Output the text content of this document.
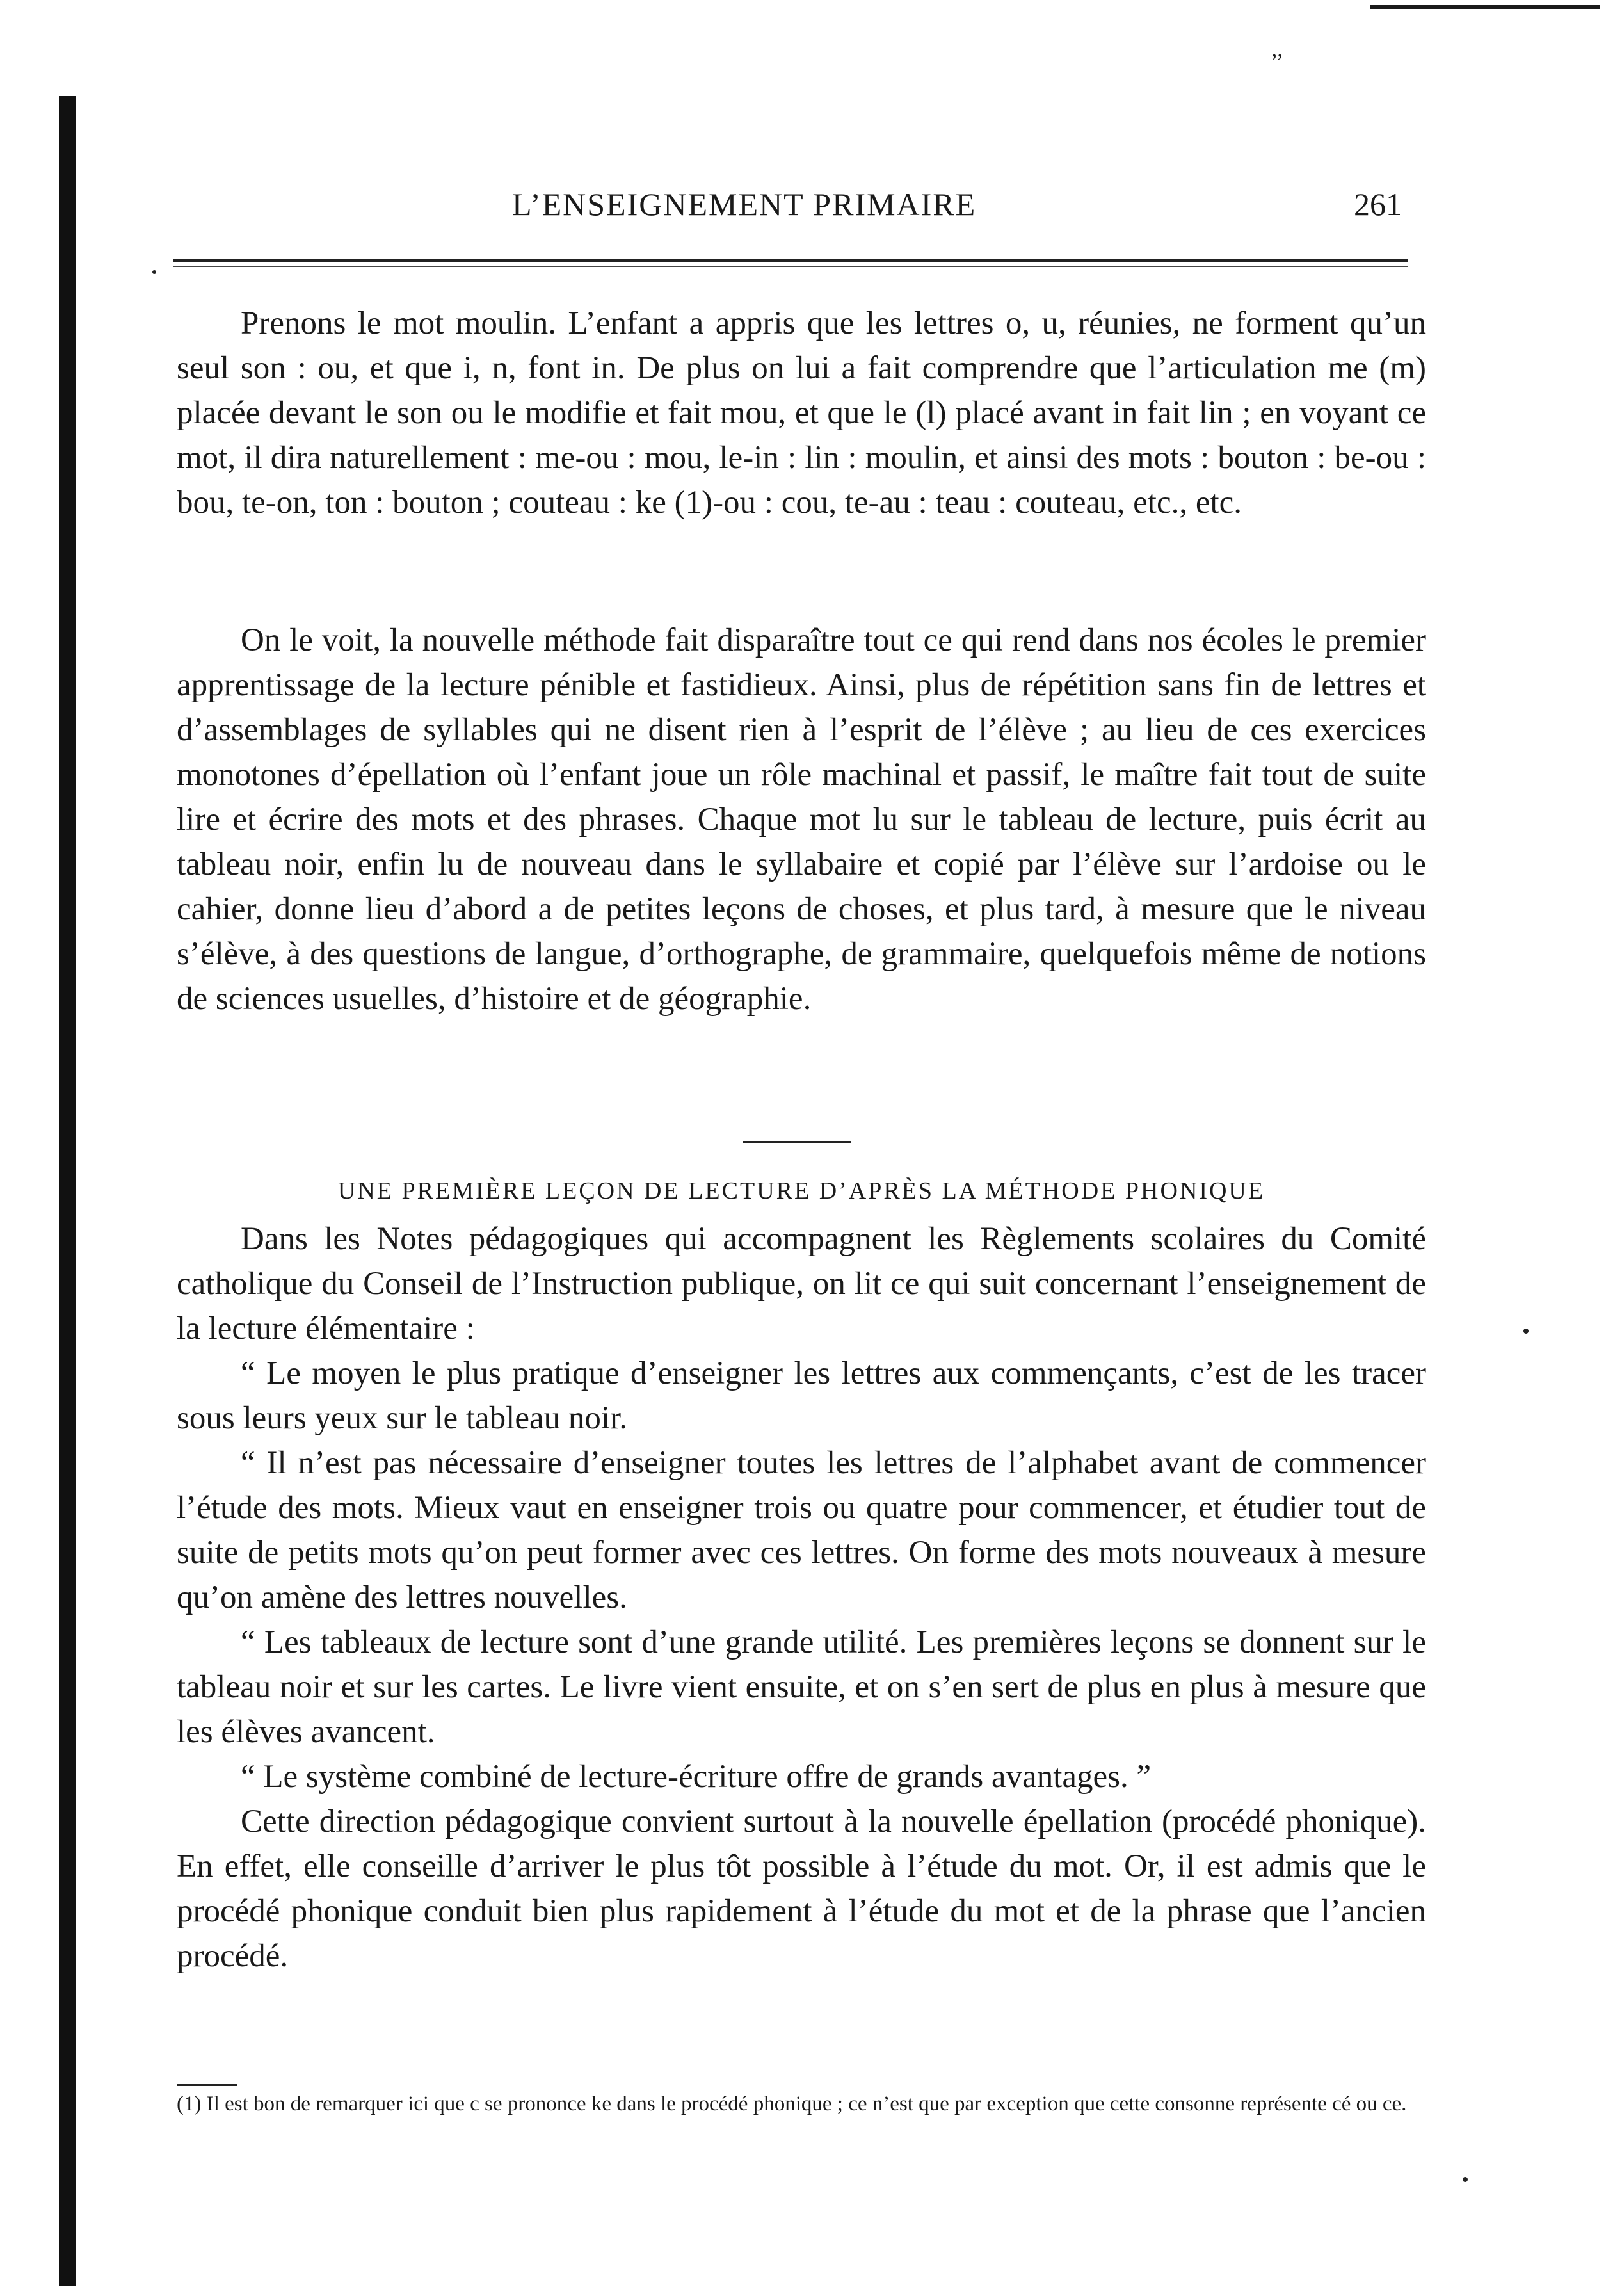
’’
L’ENSEIGNEMENT PRIMAIRE	261

Prenons le mot moulin. L’enfant a appris que les lettres o, u, réunies, ne forment qu’un seul son : ou, et que i, n, font in. De plus on lui a fait comprendre que l’articulation me (m) placée devant le son ou le modifie et fait mou, et que le (l) placé avant in fait lin ; en voyant ce mot, il dira naturellement : me-ou : mou, le-in : lin : moulin, et ainsi des mots : bouton : be-ou : bou, te-on, ton : bouton ; couteau : ke (1)-ou : cou, te-au : teau : couteau, etc., etc.

On le voit, la nouvelle méthode fait disparaître tout ce qui rend dans nos écoles le premier apprentissage de la lecture pénible et fastidieux. Ainsi, plus de répétition sans fin de lettres et d’assemblages de syllables qui ne disent rien à l’esprit de l’élève ; au lieu de ces exercices monotones d’épellation où l’enfant joue un rôle machinal et passif, le maître fait tout de suite lire et écrire des mots et des phrases. Chaque mot lu sur le tableau de lecture, puis écrit au tableau noir, enfin lu de nouveau dans le syllabaire et copié par l’élève sur l’ardoise ou le cahier, donne lieu d’abord a de petites leçons de choses, et plus tard, à mesure que le niveau s’élève, à des questions de langue, d’orthographe, de grammaire, quelquefois même de notions de sciences usuelles, d’histoire et de géographie.

UNE PREMIÈRE LEÇON DE LECTURE D’APRÈS LA MÉTHODE PHONIQUE

Dans les Notes pédagogiques qui accompagnent les Règlements scolaires du Comité catholique du Conseil de l’Instruction publique, on lit ce qui suit concernant l’enseignement de la lecture élémentaire :

“ Le moyen le plus pratique d’enseigner les lettres aux commençants, c’est de les tracer sous leurs yeux sur le tableau noir.

“ Il n’est pas nécessaire d’enseigner toutes les lettres de l’alphabet avant de commencer l’étude des mots. Mieux vaut en enseigner trois ou quatre pour commencer, et étudier tout de suite de petits mots qu’on peut former avec ces lettres. On forme des mots nouveaux à mesure qu’on amène des lettres nouvelles.

“ Les tableaux de lecture sont d’une grande utilité. Les premières leçons se donnent sur le tableau noir et sur les cartes. Le livre vient ensuite, et on s’en sert de plus en plus à mesure que les élèves avancent.

“ Le système combiné de lecture-écriture offre de grands avantages. ”

Cette direction pédagogique convient surtout à la nouvelle épellation (procédé phonique). En effet, elle conseille d’arriver le plus tôt possible à l’étude du mot. Or, il est admis que le procédé phonique conduit bien plus rapidement à l’étude du mot et de la phrase que l’ancien procédé.

(1) Il est bon de remarquer ici que c se prononce ke dans le procédé phonique ; ce n’est que par exception que cette consonne représente cé ou ce.
